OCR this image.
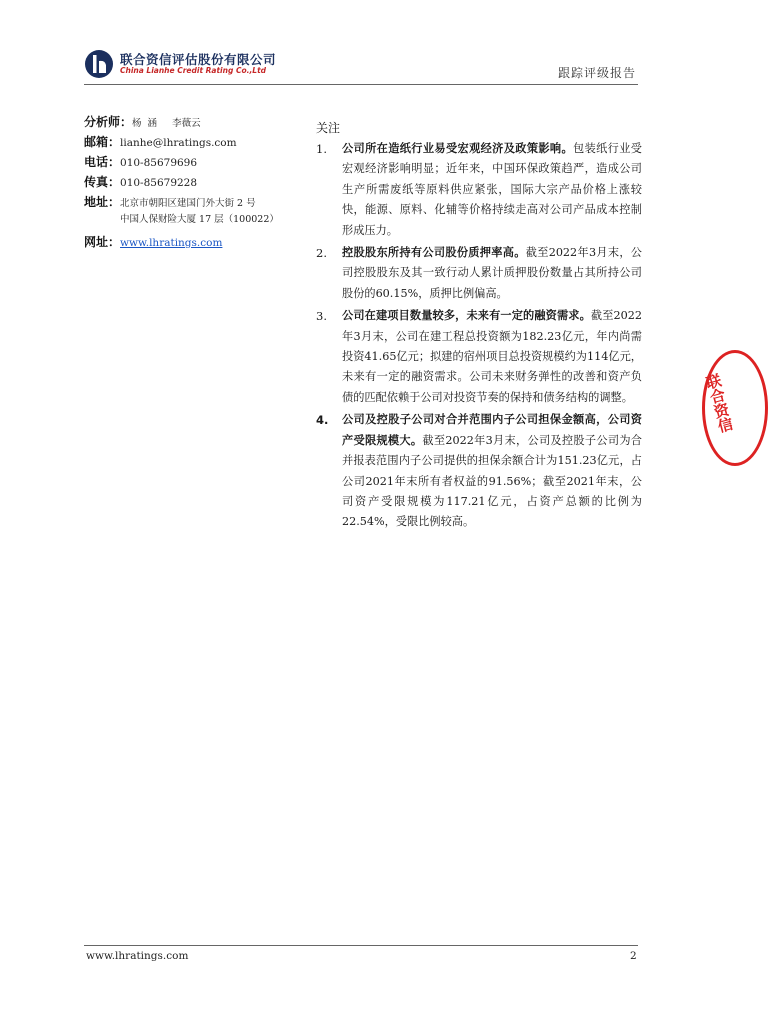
联合资信评估股份有限公司
China Lianhe Credit Rating Co.,Ltd	跟踪评级报告
分析师：杨  涵     李薇云
邮箱：lianhe@lhratings.com
电话：010-85679696
传真：010-85679228
地址：北京市朝阳区建国门外大街 2 号
中国人保财险大厦 17 层（100022）
网址：www.lhratings.com
关注
1. 公司所在造纸行业易受宏观经济及政策影响。包装纸行业受宏观经济影响明显；近年来，中国环保政策趋严，造成公司生产所需废纸等原料供应紧张，国际大宗产品价格上涨较快，能源、原料、化辅等价格持续走高对公司产品成本控制形成压力。
2. 控股股东所持有公司股份质押率高。截至2022年3月末，公司控股股东及其一致行动人累计质押股份数量占其所持公司股份的60.15%，质押比例偏高。
3. 公司在建项目数量较多，未来有一定的融资需求。截至2022年3月末，公司在建工程总投资额为182.23亿元，年内尚需投资41.65亿元；拟建的宿州项目总投资规模约为114亿元，未来有一定的融资需求。公司未来财务弹性的改善和资产负债的匹配依赖于公司对投资节奏的保持和债务结构的调整。
4. 公司及控股子公司对合并范围内子公司担保金额高，公司资产受限规模大。截至2022年3月末，公司及控股子公司为合并报表范围内子公司提供的担保余额合计为151.23亿元，占公司2021年末所有者权益的91.56%；截至2021年末，公司资产受限规模为117.21亿元，占资产总额的比例为22.54%，受限比例较高。
联合资信
www.lhratings.com	2
